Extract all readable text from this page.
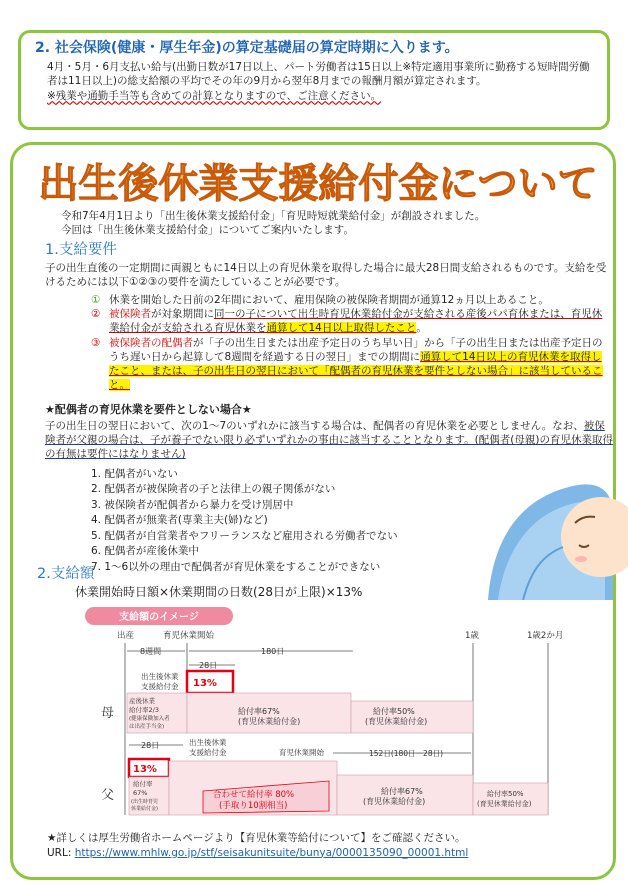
2. 社会保険(健康・厚生年金)の算定基礎届の算定時期に入ります。

4月・5月・6月支払い給与(出勤日数が17日以上、パート労働者は15日以上※特定適用事業所に勤務する短時間労働者は11日以上)の総支給額の平均でその年の9月から翌年8月までの報酬月額が算定されます。

※残業や通勤手当等も含めての計算となりますので、ご注意ください。

出生後休業支援給付金について
令和7年4月1日より「出生後休業支援給付金」「育児時短就業給付金」が創設されました。
今回は「出生後休業支援給付金」についてご案内いたします。
1.支給要件
子の出生直後の一定期間に両親ともに14日以上の育児休業を取得した場合に最大28日間支給されるものです。支給を受けるためには以下①②③の要件を満たしていることが必要です。
① 休業を開始した日前の2年間において、雇用保険の被保険者期間が通算12ヵ月以上あること。
② 被保険者が対象期間に同一の子について出生時育児休業給付金が支給される産後パパ育休または、育児休業給付金が支給される育児休業を通算して14日以上取得したこと。
③ 被保険者の配偶者が「子の出生日または出産予定日のうち早い日」から「子の出生日または出産予定日のうち遅い日から起算して8週間を経過する日の翌日」までの期間に通算して14日以上の育児休業を取得したこと、または、子の出生日の翌日において「配偶者の育児休業を要件としない場合」に該当していること。
★配偶者の育児休業を要件としない場合★
子の出生日の翌日において、次の1～7のいずれかに該当する場合は、配偶者の育児休業を必要としません。なお、被保険者が父親の場合は、子が養子でない限り必ずいずれかの事由に該当することとなります。(配偶者(母親)の育児休業取得の有無は要件にはなりません)
1. 配偶者がいない
2. 配偶者が被保険者の子と法律上の親子関係がない
3. 被保険者が配偶者から暴力を受け別居中
4. 配偶者が無業者(専業主夫(婦)など)
5. 配偶者が自営業者やフリーランスなど雇用される労働者でない
6. 配偶者が産後休業中
7. 1～6以外の理由で配偶者が育児休業をすることができない
2.支給額
休業開始時日額×休業期間の日数(28日が上限)×13%
支給額のイメージ
出産	育児休業開始	1歳	1歳2か月
8週間	180日
28日
出生後休業
支援給付金 13%
産後休業
給付率2/3
(健康保険加入者
は出産手当金)
給付率67%
(育児休業給付金)
給付率50%
(育児休業給付金)
母
28日	出生後休業
支援給付金	育児休業開始	152日(180日－28日)
13%
給付率
67%
(出生時育児
休業給付金)
合わせて給付率 80%
(手取り10割相当)
給付率67%
(育児休業給付金)
給付率50%
(育児休業給付金)
父
★詳しくは厚生労働省ホームページより【育児休業等給付について】をご確認ください。
URL: https://www.mhlw.go.jp/stf/seisakunitsuite/bunya/0000135090_00001.html
